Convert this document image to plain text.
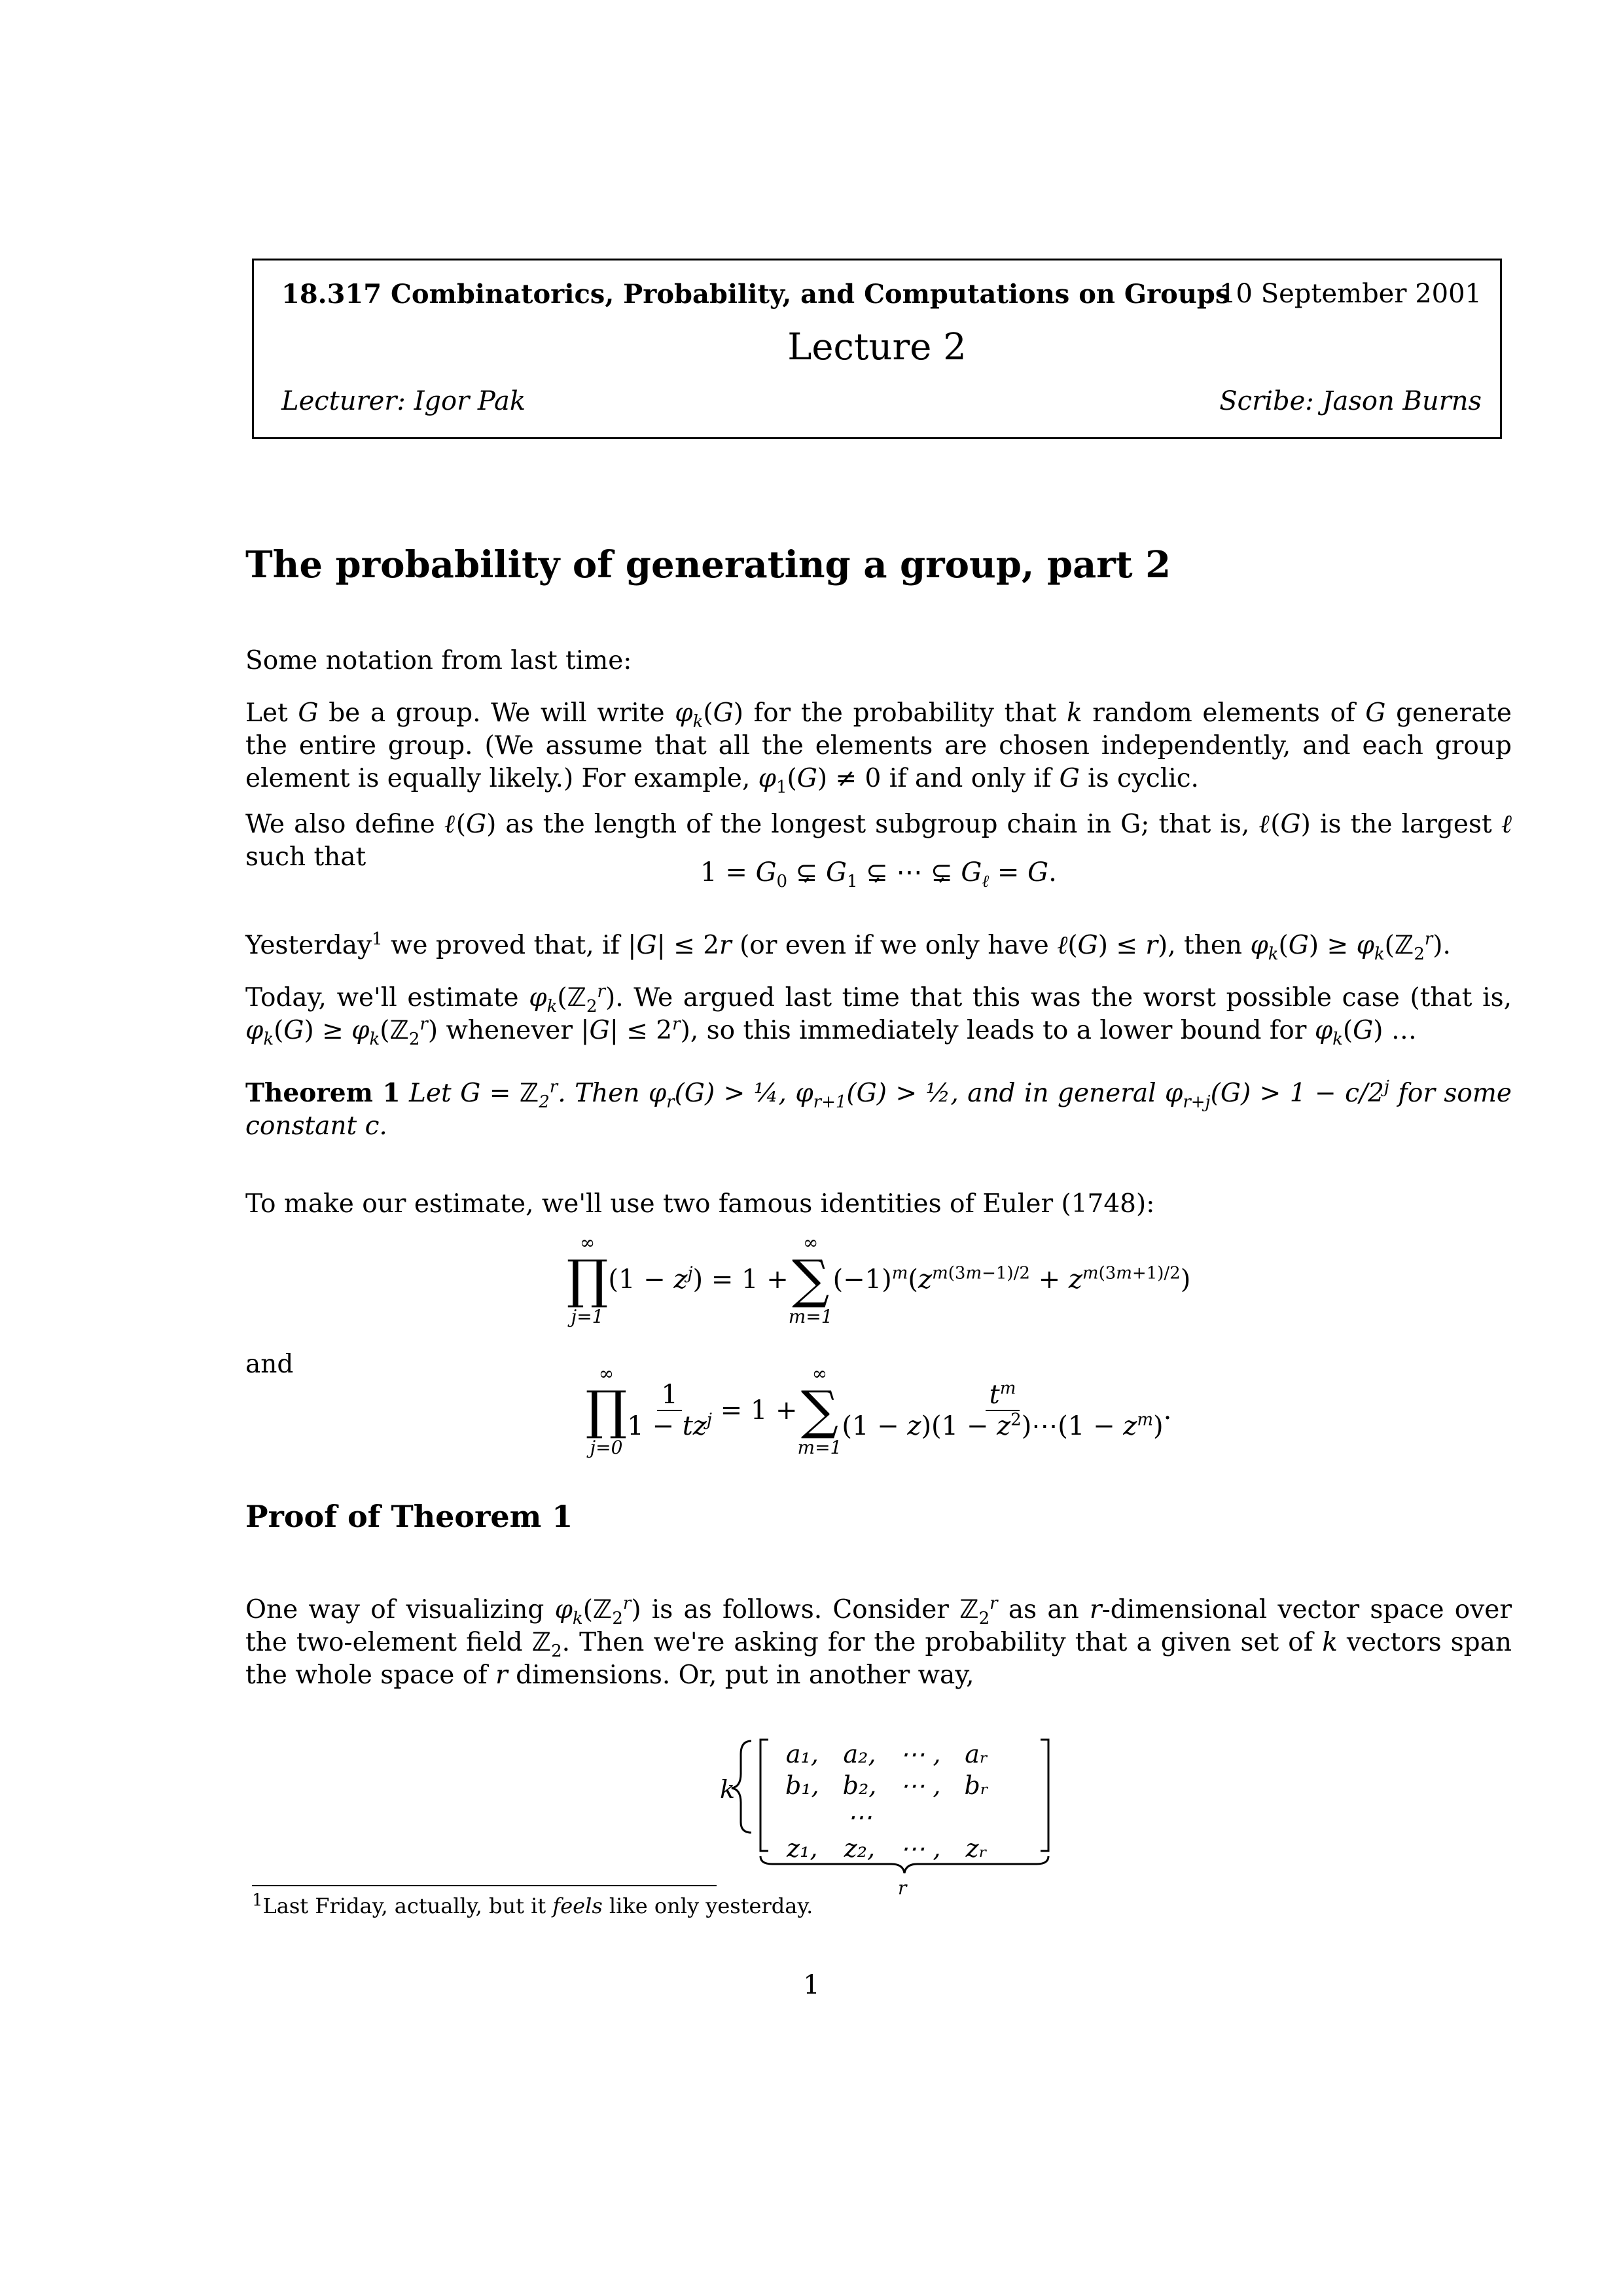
18.317 Combinatorics, Probability, and Computations on Groups
10 September 2001
Lecture 2
Lecturer: Igor Pak	Scribe: Jason Burns
The probability of generating a group, part 2
Some notation from last time:
Let G be a group. We will write $\varphi_k(G)$ for the probability that k random elements of G generate the entire group. (We assume that all the elements are chosen independently, and each group element is equally likely.) For example, $\varphi_1(G) \ne 0$ if and only if G is cyclic.
We also define ℓ(G) as the length of the longest subgroup chain in G; that is, ℓ(G) is the largest ℓ such that
$1 = G_0$ ⊊ $G_1$ ⊊ ⋯ ⊊ $G_\ell = G$.
Yesterday$^1$ we proved that, if |G| ≤ 2r (or even if we only have ℓ(G) ≤ r), then $\varphi_k(G)$ ≥ $\varphi_k(ℤ_2^r)$.
Today, we'll estimate $\varphi_k(ℤ_2^r)$. We argued last time that this was the worst possible case (that is, $\varphi_k(G)$ ≥ $\varphi_k(ℤ_2^r)$ whenever $|G| \le 2^r$), so this immediately leads to a lower bound for $\varphi_k(G)$ …
Theorem 1 Let G = ℤ$_2^r$. Then $\varphi_r(G)$ > ¼, $\varphi_{r+1}(G)$ > ½, and in general $\varphi_{r+j}(G) > 1 - c/2^j$ for some constant c.
To make our estimate, we'll use two famous identities of Euler (1748):
∞
∏
j=1
$(1 - z^j) = 1$ +
∞
∑
m=1
$(-1)^m(z^{m(3m-1)/2} + z^{m(3m+1)/2})$
and	∞
∏
j=0
$\frac{1}{1 - tz^j} = 1$ +
∞
∑
m=1
$\frac{t^m}{(1 - z)(1 - z^2)\cdots(1 - z^m)}$ .
Proof of Theorem 1
One way of visualizing $\varphi_k(ℤ_2^r)$ is as follows. Consider ℤ$_2^r$ as an r-dimensional vector space over the two-element field ℤ$_2$. Then we're asking for the probability that a given set of k vectors span the whole space of r dimensions. Or, put in another way,
k
a₁,	a₂,	⋯ ,	aᵣ
b₁,	b₂,	⋯ ,	bᵣ
	⋯		
z₁,	z₂,	⋯ ,	zᵣ
r
$^1$Last Friday, actually, but it feels like only yesterday.
1
